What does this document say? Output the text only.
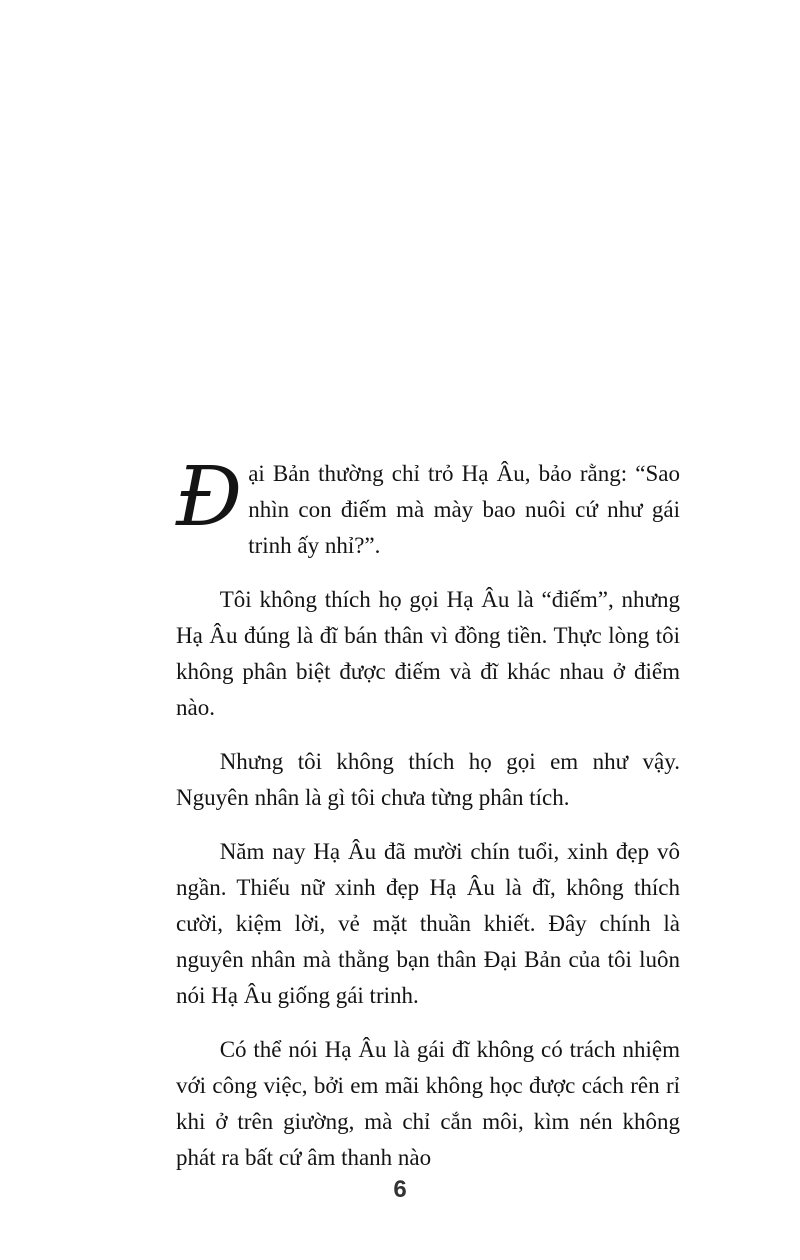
Đại Bản thường chỉ trỏ Hạ Âu, bảo rằng: “Sao nhìn con điếm mà mày bao nuôi cứ như gái trinh ấy nhỉ?”.

Tôi không thích họ gọi Hạ Âu là “điếm”, nhưng Hạ Âu đúng là đĩ bán thân vì đồng tiền. Thực lòng tôi không phân biệt được điếm và đĩ khác nhau ở điểm nào.

Nhưng tôi không thích họ gọi em như vậy. Nguyên nhân là gì tôi chưa từng phân tích.

Năm nay Hạ Âu đã mười chín tuổi, xinh đẹp vô ngần. Thiếu nữ xinh đẹp Hạ Âu là đĩ, không thích cười, kiệm lời, vẻ mặt thuần khiết. Đây chính là nguyên nhân mà thằng bạn thân Đại Bản của tôi luôn nói Hạ Âu giống gái trinh.

Có thể nói Hạ Âu là gái đĩ không có trách nhiệm với công việc, bởi em mãi không học được cách rên rỉ khi ở trên giường, mà chỉ cắn môi, kìm nén không phát ra bất cứ âm thanh nào

6
